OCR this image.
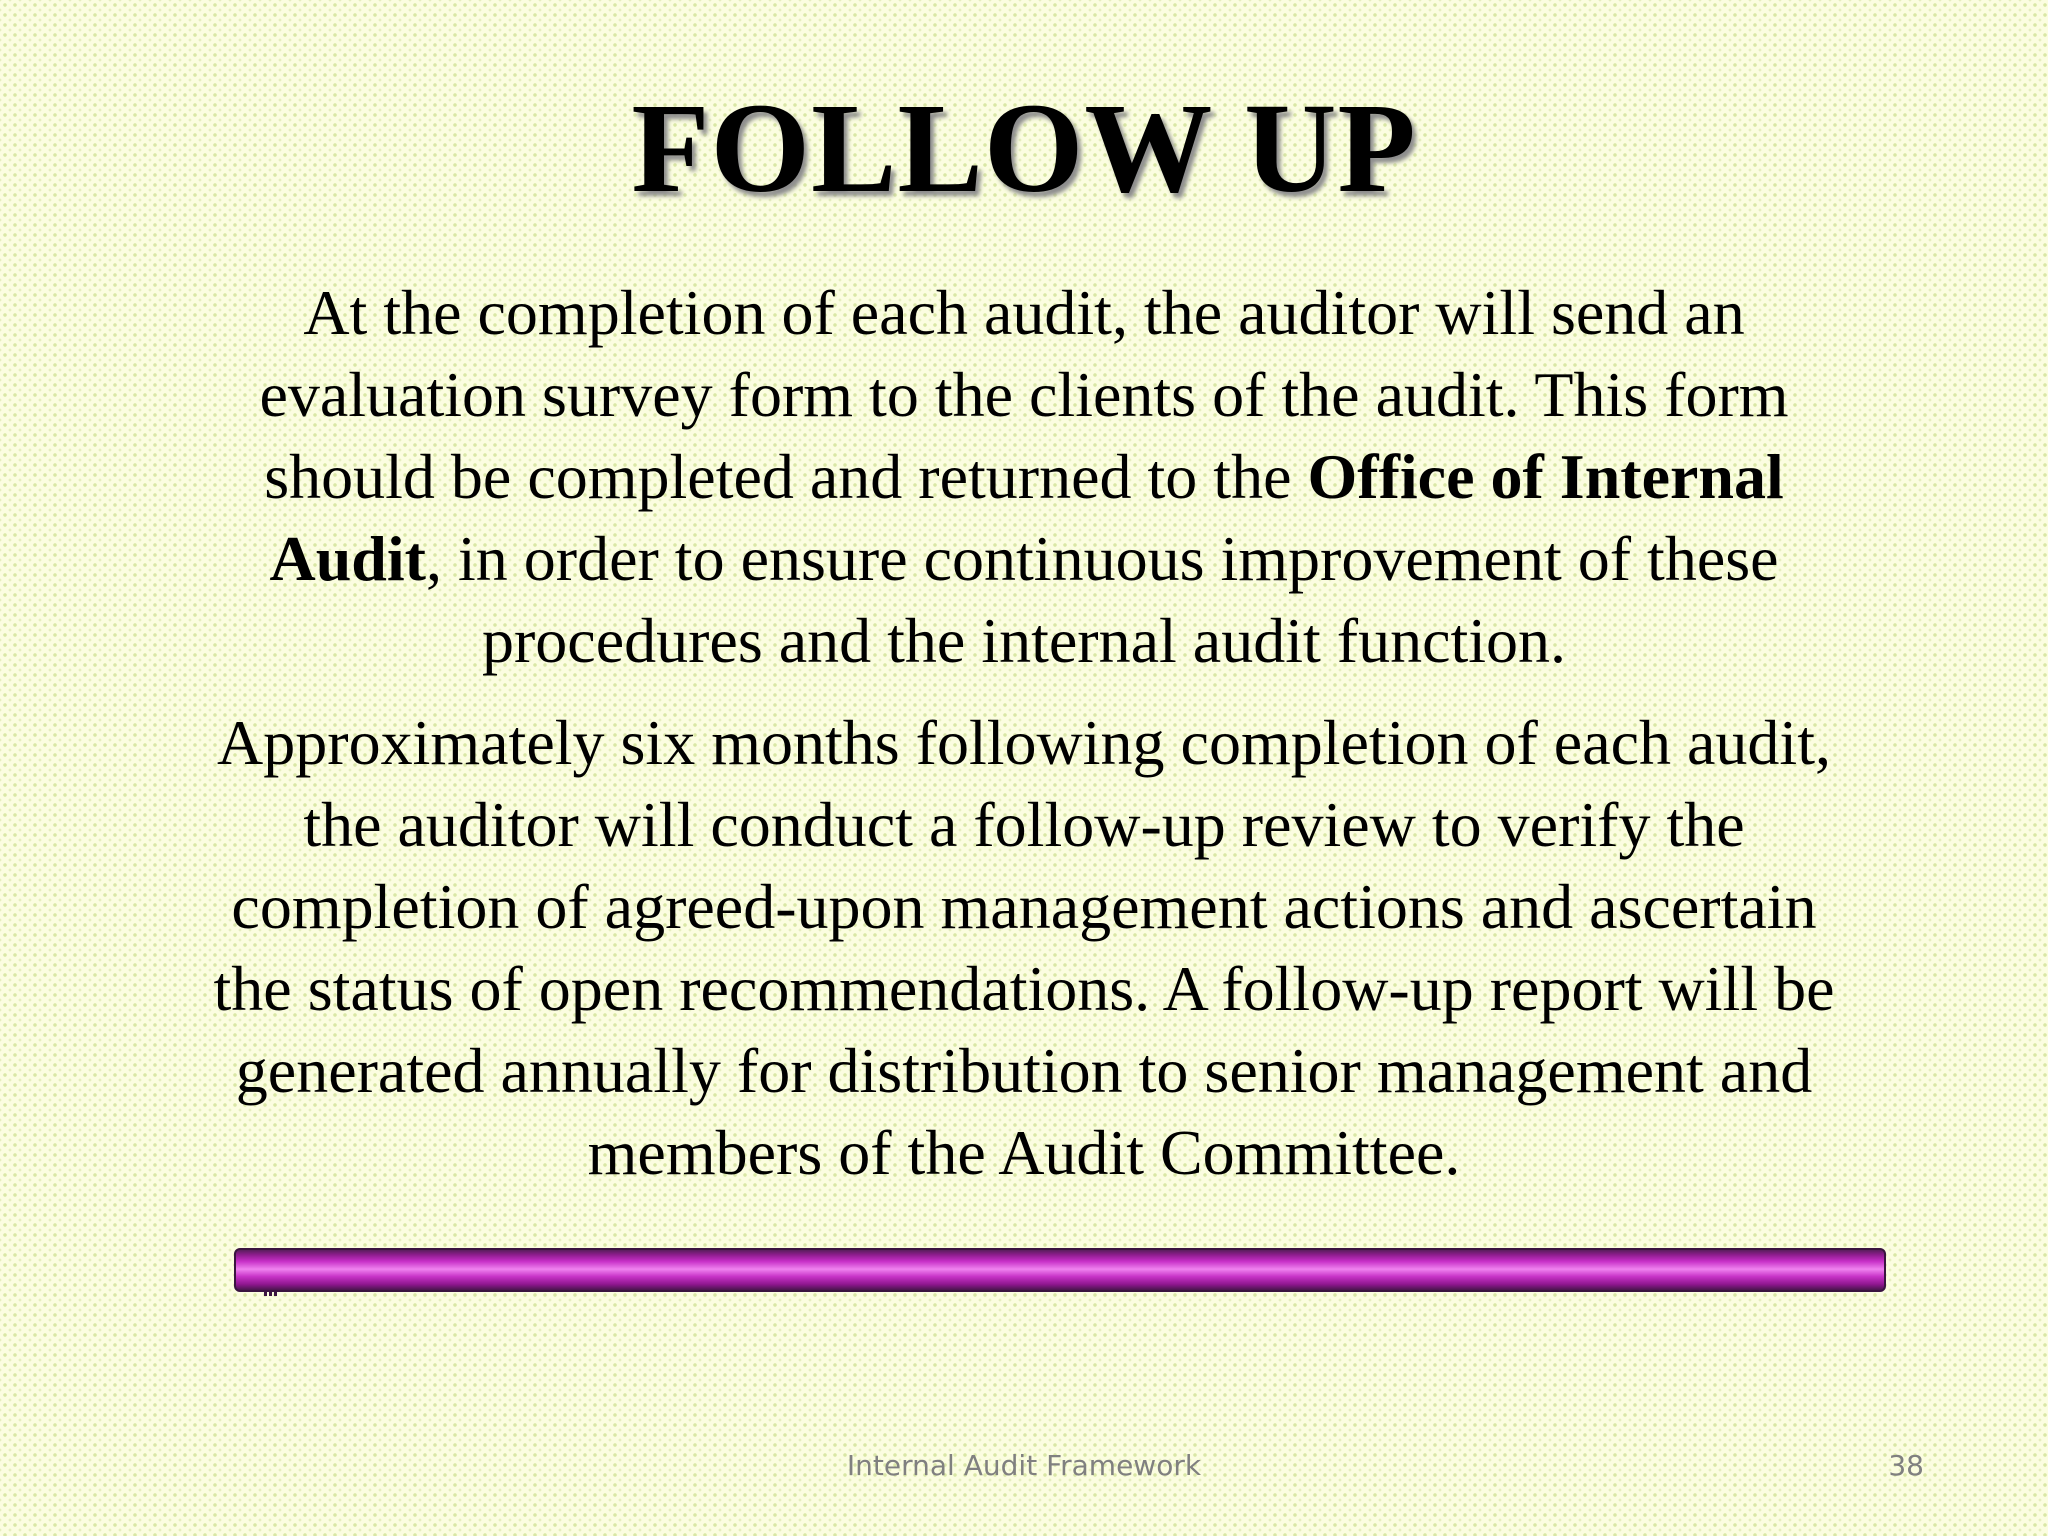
FOLLOW UP

At the completion of each audit, the auditor will send an evaluation survey form to the clients of the audit. This form should be completed and returned to the Office of Internal Audit, in order to ensure continuous improvement of these procedures and the internal audit function.

Approximately six months following completion of each audit, the auditor will conduct a follow-up review to verify the completion of agreed-upon management actions and ascertain the status of open recommendations. A follow-up report will be generated annually for distribution to senior management and members of the Audit Committee.

Internal Audit Framework	38
